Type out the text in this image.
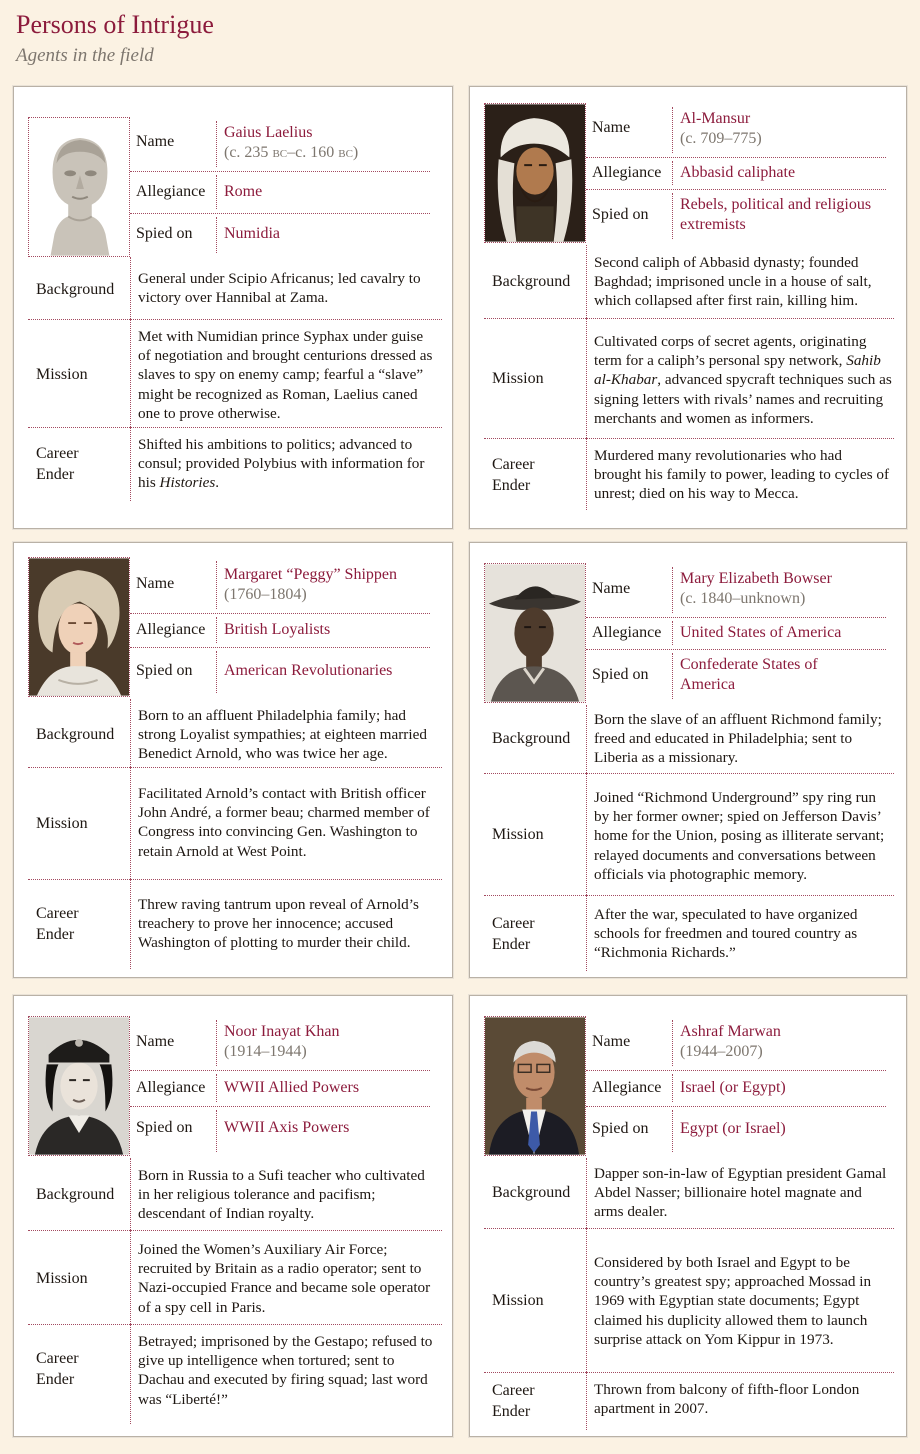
Persons of Intrigue

Agents in the field

Name
Gaius Laelius
(c. 235 bc–c. 160 bc)
Allegiance Rome
Spied on Numidia
Background
General under Scipio Africanus; led cavalry to victory over Hannibal at Zama.
Mission
Met with Numidian prince Syphax under guise of negotiation and brought centurions dressed as slaves to spy on enemy camp; fearful a “slave” might be recognized as Roman, Laelius caned one to prove otherwise.
Career
Ender
Shifted his ambitions to politics; advanced to consul; provided Polybius with information for his Histories.
Name
Al-Mansur
(c. 709–775)
Allegiance Abbasid caliphate
Spied on
Rebels, political and religious extremists
Background
Second caliph of Abbasid dynasty; founded Baghdad; imprisoned uncle in a house of salt, which collapsed after first rain, killing him.
Mission
Cultivated corps of secret agents, originating term for a caliph’s personal spy network, Sahib al-Khabar, advanced spycraft techniques such as signing letters with rivals’ names and recruiting merchants and women as informers.
Career
Ender
Murdered many revolutionaries who had brought his family to power, leading to cycles of unrest; died on his way to Mecca.
Name
Margaret “Peggy” Shippen
(1760–1804)
Allegiance British Loyalists
Spied on American Revolutionaries
Background
Born to an affluent Philadelphia family; had strong Loyalist sympathies; at eighteen married Benedict Arnold, who was twice her age.
Mission
Facilitated Arnold’s contact with British officer John André, a former beau; charmed member of Congress into convincing Gen. Washington to retain Arnold at West Point.
Career
Ender
Threw raving tantrum upon reveal of Arnold’s treachery to prove her innocence; accused Washington of plotting to murder their child.
Name
Mary Elizabeth Bowser
(c. 1840–unknown)
Allegiance United States of America
Spied on
Confederate States of America
Background
Born the slave of an affluent Richmond family; freed and educated in Philadelphia; sent to Liberia as a missionary.
Mission
Joined “Richmond Underground” spy ring run by her former owner; spied on Jefferson Davis’ home for the Union, posing as illiterate servant; relayed documents and conversations between officials via photographic memory.
Career
Ender
After the war, speculated to have organized schools for freedmen and toured country as “Richmonia Richards.”
Name
Noor Inayat Khan
(1914–1944)
Allegiance WWII Allied Powers
Spied on WWII Axis Powers
Background
Born in Russia to a Sufi teacher who cultivated in her religious tolerance and pacifism; descendant of Indian royalty.
Mission
Joined the Women’s Auxiliary Air Force; recruited by Britain as a radio operator; sent to Nazi-occupied France and became sole operator of a spy cell in Paris.
Career
Ender
Betrayed; imprisoned by the Gestapo; refused to give up intelligence when tortured; sent to Dachau and executed by firing squad; last word was “Liberté!”
Name
Ashraf Marwan
(1944–2007)
Allegiance Israel (or Egypt)
Spied on Egypt (or Israel)
Background
Dapper son-in-law of Egyptian president Gamal Abdel Nasser; billionaire hotel magnate and arms dealer.
Mission
Considered by both Israel and Egypt to be country’s greatest spy; approached Mossad in 1969 with Egyptian state documents; Egypt claimed his duplicity allowed them to launch surprise attack on Yom Kippur in 1973.
Career
Ender
Thrown from balcony of fifth-floor London apartment in 2007.
